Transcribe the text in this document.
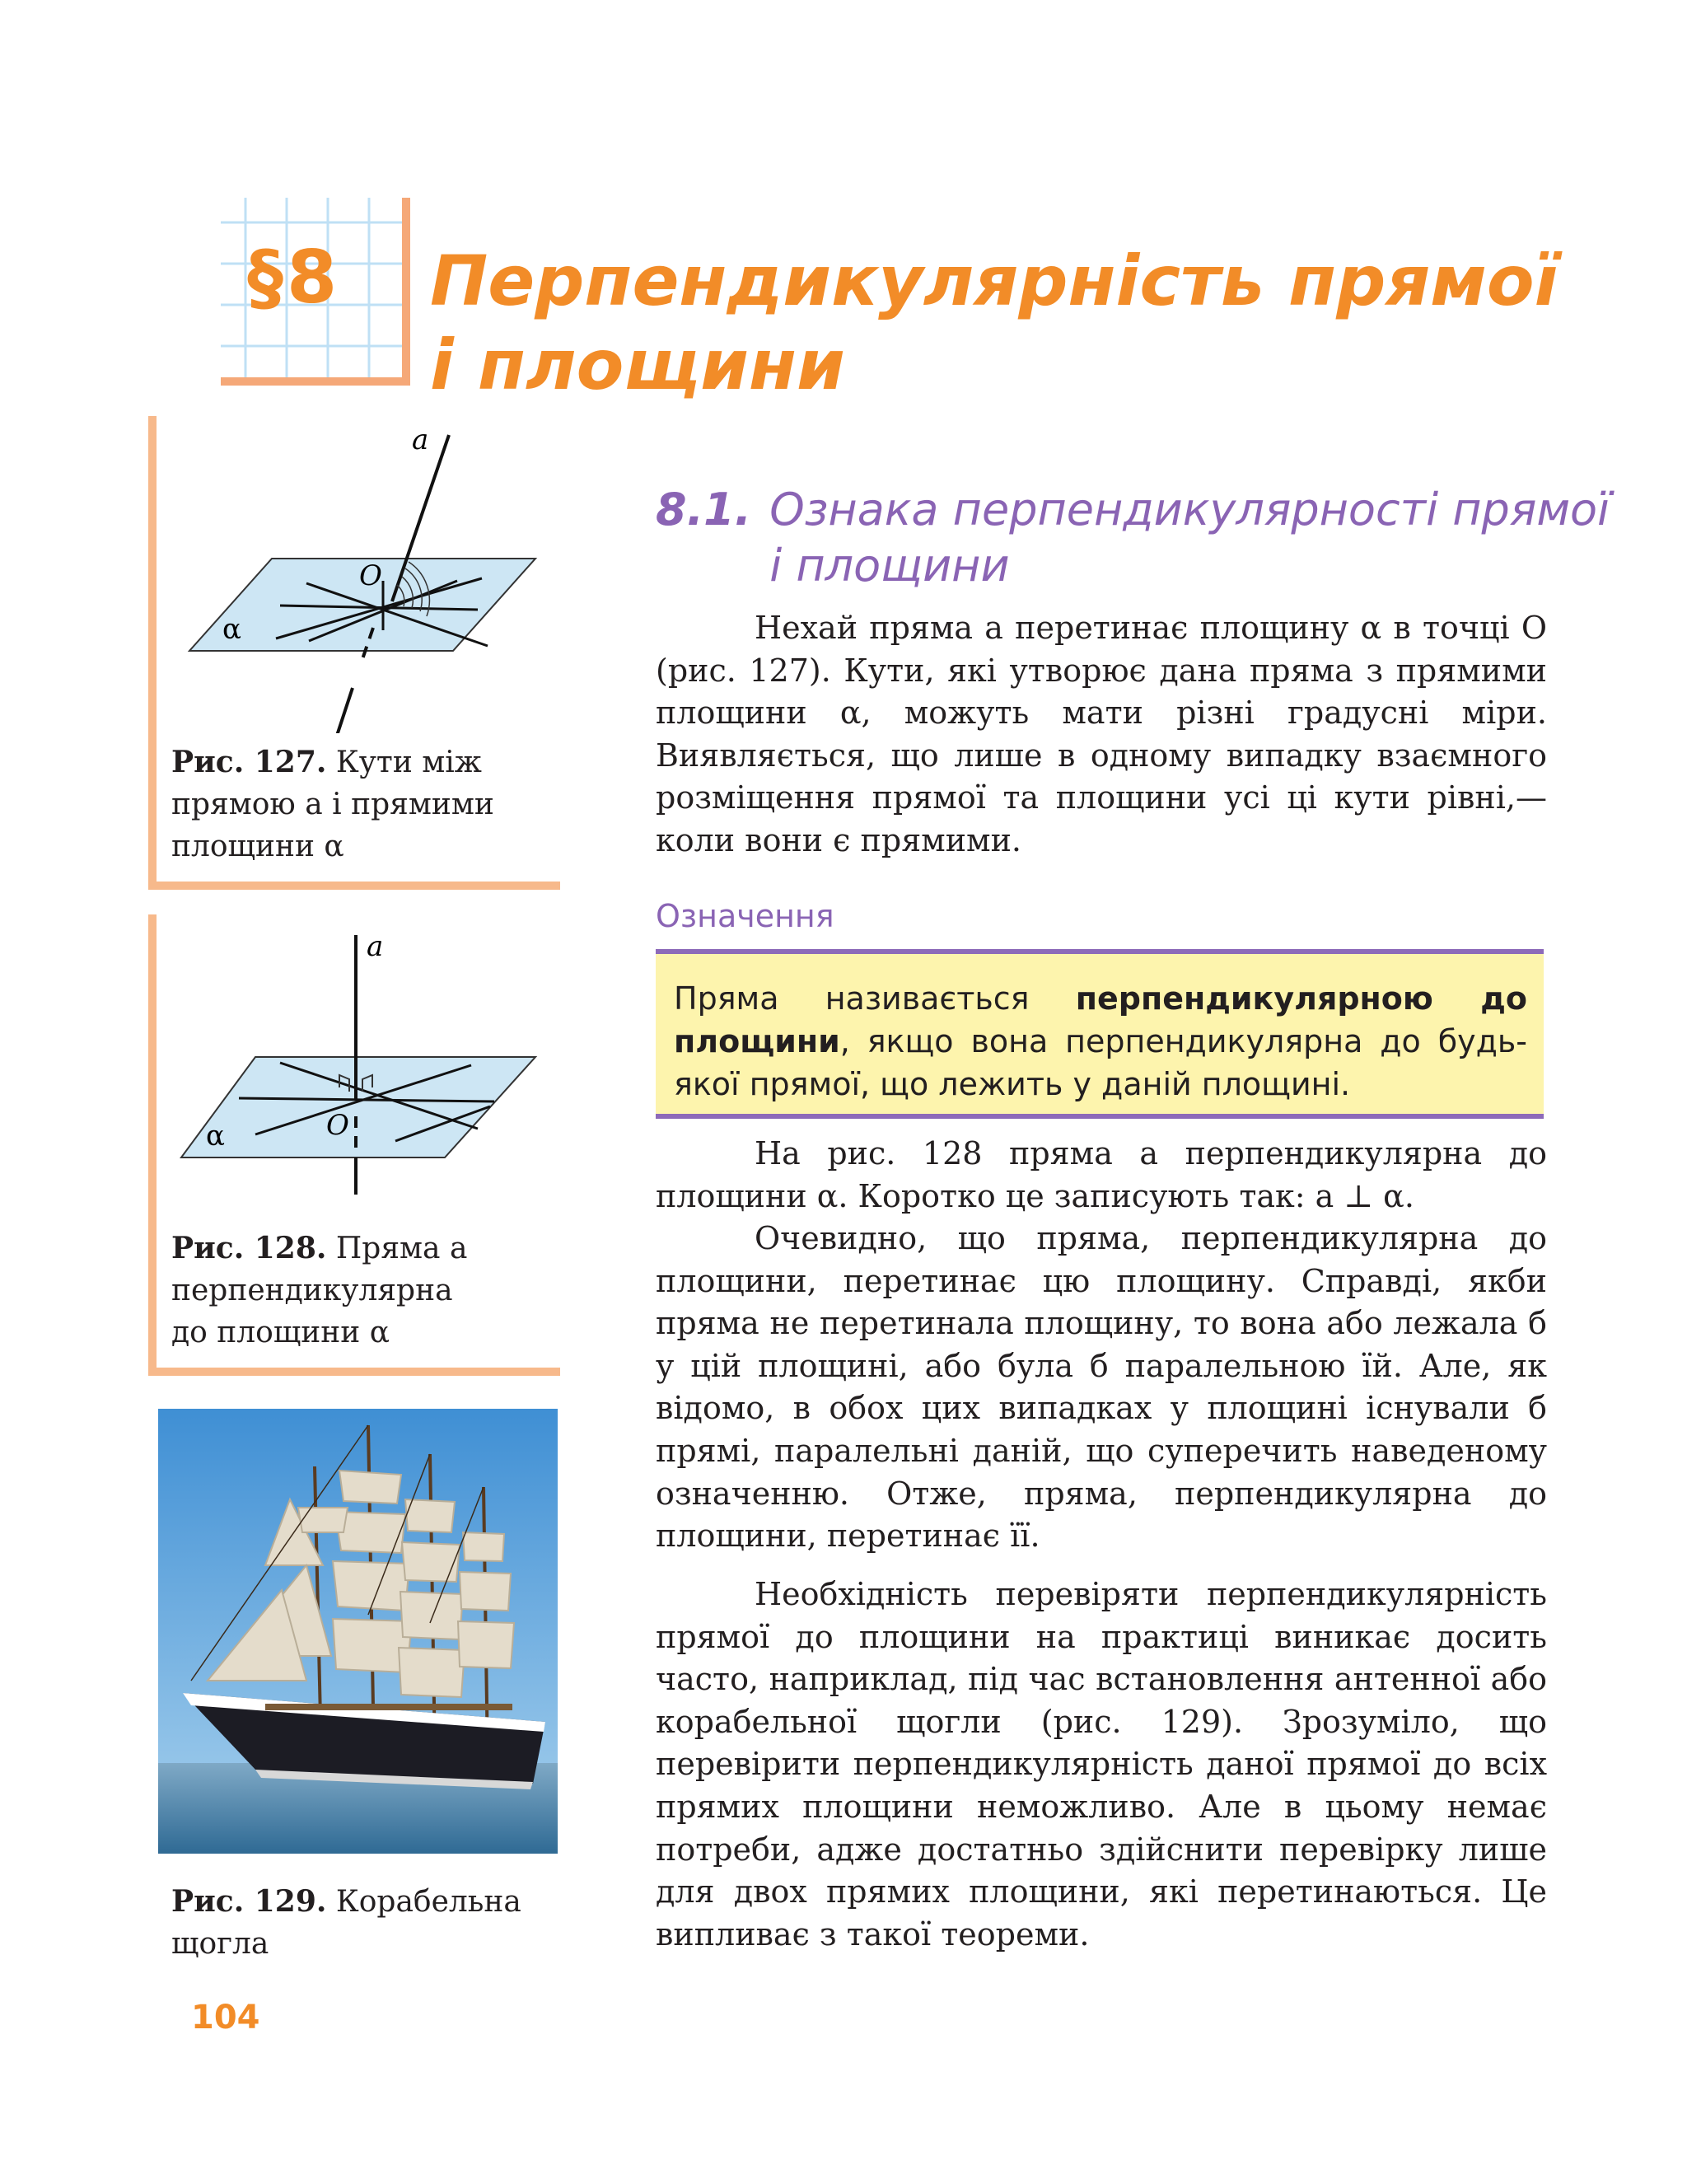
§8 Перпендикулярність прямої
і площини
a
O
α
Рис. 127. Кути між
прямою a і прямими
площини α
a
O
α
Рис. 128. Пряма a
перпендикулярна
до площини α
Рис. 129. Корабельна
щогла
8.1. Ознака перпендикулярності прямої
і площини

Нехай пряма a перетинає площину α в точці O (рис. 127). Кути, які утворює дана пряма з прямими площини α, можуть мати різні градусні міри. Виявляється, що лише в одному випадку взаємного розміщення прямої та площини усі ці кути рівні,— коли вони є прямими.

Означення
Пряма називається перпендикулярною до площини, якщо вона перпендикулярна до будь-якої прямої, що лежить у даній площині.

На рис. 128 пряма a перпендикулярна до площини α. Коротко це записують так: a ⊥ α.

Очевидно, що пряма, перпендикулярна до площини, перетинає цю площину. Справді, якби пряма не перетинала площину, то вона або лежала б у цій площині, або була б паралельною їй. Але, як відомо, в обох цих випадках у площині існували б прямі, паралельні даній, що суперечить наведеному означенню. Отже, пряма, перпендикулярна до площини, перетинає її.

Необхідність перевіряти перпендикулярність прямої до площини на практиці виникає досить часто, наприклад, під час встановлення антенної або корабельної щогли (рис. 129). Зрозуміло, що перевірити перпендикулярність даної прямої до всіх прямих площини неможливо. Але в цьому немає потреби, адже достатньо здійснити перевірку лише для двох прямих площини, які перетинаються. Це випливає з такої теореми.

104
